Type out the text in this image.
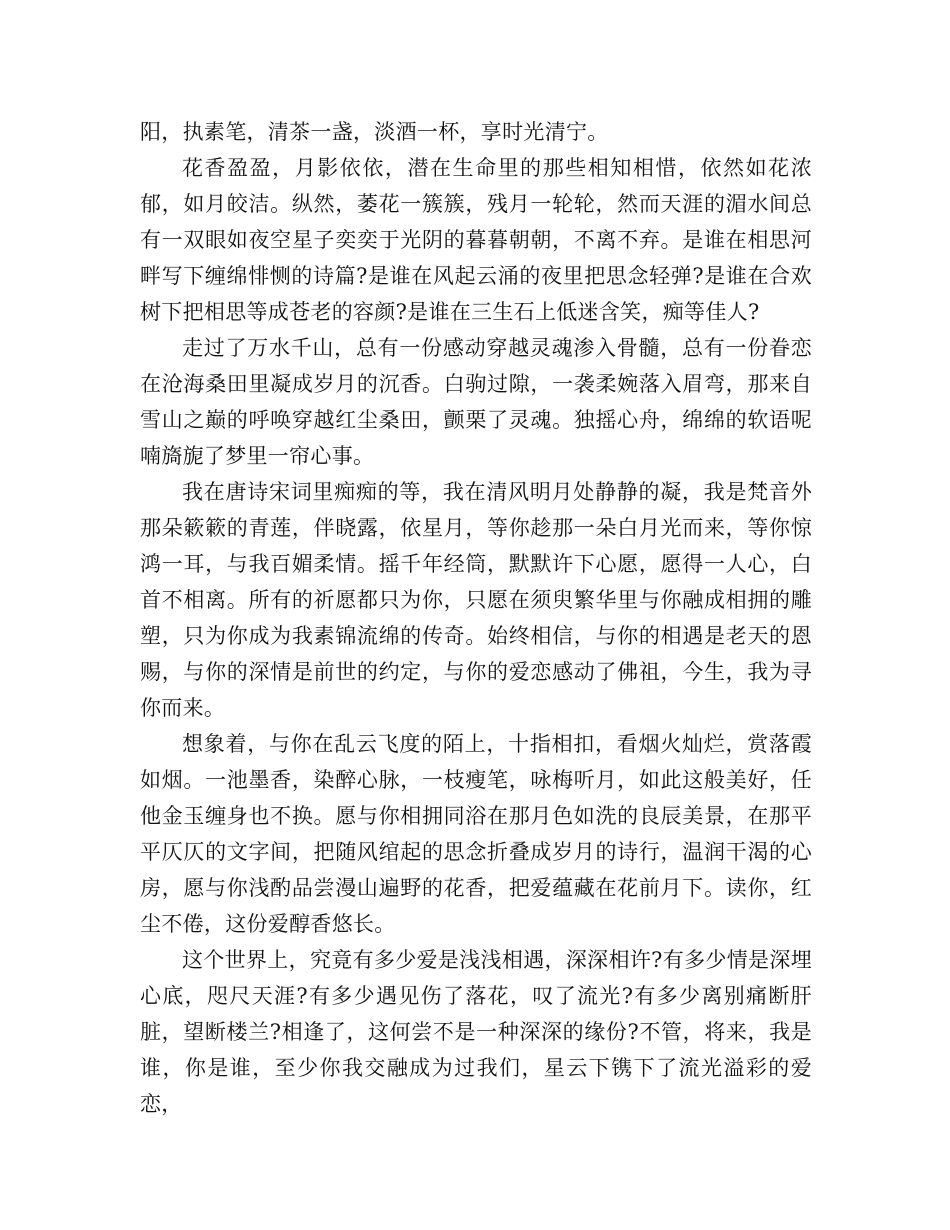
阳，执素笔，清茶一盏，淡酒一杯，享时光清宁。

花香盈盈，月影依依，潜在生命里的那些相知相惜，依然如花浓郁，如月皎洁。纵然，萎花一簇簇，残月一轮轮，然而天涯的湄水间总有一双眼如夜空星子奕奕于光阴的暮暮朝朝，不离不弃。是谁在相思河畔写下缠绵悱恻的诗篇?是谁在风起云涌的夜里把思念轻弹?是谁在合欢树下把相思等成苍老的容颜?是谁在三生石上低迷含笑，痴等佳人?

走过了万水千山，总有一份感动穿越灵魂渗入骨髓，总有一份眷恋在沧海桑田里凝成岁月的沉香。白驹过隙，一袭柔婉落入眉弯，那来自雪山之巅的呼唤穿越红尘桑田，颤栗了灵魂。独摇心舟，绵绵的软语呢喃旖旎了梦里一帘心事。

我在唐诗宋词里痴痴的等，我在清风明月处静静的凝，我是梵音外那朵簌簌的青莲，伴晓露，依星月，等你趁那一朵白月光而来，等你惊鸿一耳，与我百媚柔情。摇千年经筒，默默许下心愿，愿得一人心，白首不相离。所有的祈愿都只为你，只愿在须臾繁华里与你融成相拥的雕塑，只为你成为我素锦流绵的传奇。始终相信，与你的相遇是老天的恩赐，与你的深情是前世的约定，与你的爱恋感动了佛祖，今生，我为寻你而来。

想象着，与你在乱云飞度的陌上，十指相扣，看烟火灿烂，赏落霞如烟。一池墨香，染醉心脉，一枝瘦笔，咏梅听月，如此这般美好，任他金玉缠身也不换。愿与你相拥同浴在那月色如洗的良辰美景，在那平平仄仄的文字间，把随风绾起的思念折叠成岁月的诗行，温润干渴的心房，愿与你浅酌品尝漫山遍野的花香，把爱蕴藏在花前月下。读你，红尘不倦，这份爱醇香悠长。

这个世界上，究竟有多少爱是浅浅相遇，深深相许?有多少情是深埋心底，咫尺天涯?有多少遇见伤了落花，叹了流光?有多少离别痛断肝脏，望断楼兰?相逢了，这何尝不是一种深深的缘份?不管，将来，我是谁，你是谁，至少你我交融成为过我们，星云下镌下了流光溢彩的爱恋，
